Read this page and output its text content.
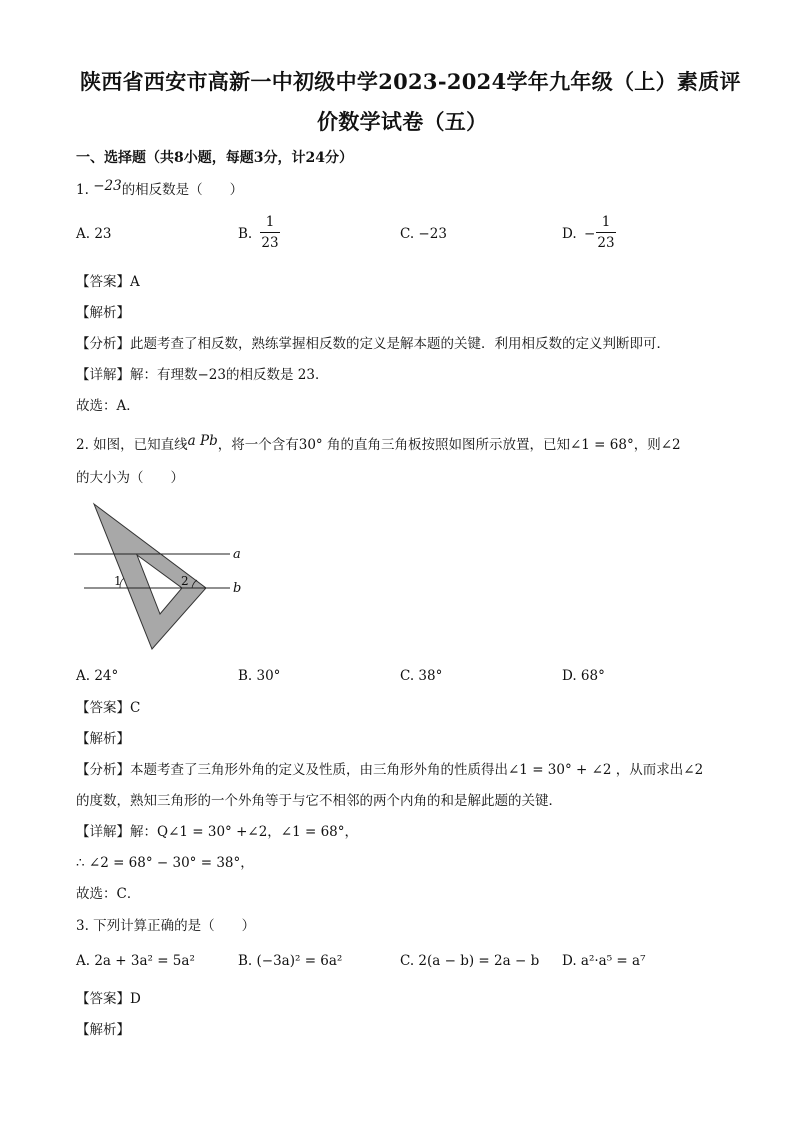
陕西省西安市高新一中初级中学2023-2024学年九年级（上）素质评
价数学试卷（五）
一、选择题（共8小题，每题3分，计24分）
1. −23的相反数是（　　）
A. 23	B.
1
23
C. −23	D. −
1
23
【答案】A
【解析】
【分析】此题考查了相反数，熟练掌握相反数的定义是解本题的关键．利用相反数的定义判断即可．
【详解】解：有理数−23的相反数是 23．
故选：A．
2. 如图，已知直线a Pb，将一个含有30° 角的直角三角板按照如图所示放置，已知∠1 = 68°，则∠2
的大小为（　　）
a
b
1	2
A. 24°	B. 30°	C. 38°	D. 68°
【答案】C
【解析】
【分析】本题考查了三角形外角的定义及性质，由三角形外角的性质得出∠1 = 30° + ∠2 ，从而求出∠2
的度数，熟知三角形的一个外角等于与它不相邻的两个内角的和是解此题的关键．
【详解】解：Q∠1 = 30° +∠2，∠1 = 68°，
∴ ∠2 = 68° − 30° = 38°，
故选：C．
3. 下列计算正确的是（　　）
A. 2a + 3a² = 5a²	B. (−3a)² = 6a²	C. 2(a − b) = 2a − b D. a²·a⁵ = a⁷
【答案】D
【解析】
